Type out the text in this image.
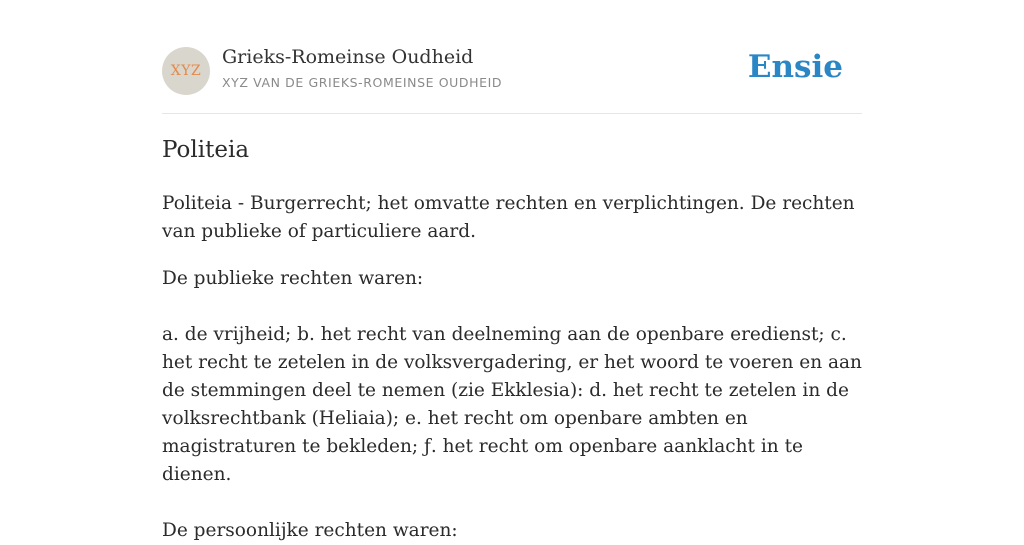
XYZ
Grieks-Romeinse Oudheid
XYZ VAN DE GRIEKS-ROMEINSE OUDHEID	Ensie
Politeia

Politeia - Burgerrecht; het omvatte rechten en verplichtingen. De rechten van publieke of particuliere aard.

De publieke rechten waren:

a. de vrijheid; b. het recht van deelneming aan de openbare eredienst; c. het recht te zetelen in de volksvergadering, er het woord te voeren en aan de stemmingen deel te nemen (zie Ekklesia): d. het recht te zetelen in de volksrechtbank (Heliaia); e. het recht om openbare ambten en magistraturen te bekleden; ƒ. het recht om openbare aanklacht in te dienen.

De persoonlijke rechten waren:
